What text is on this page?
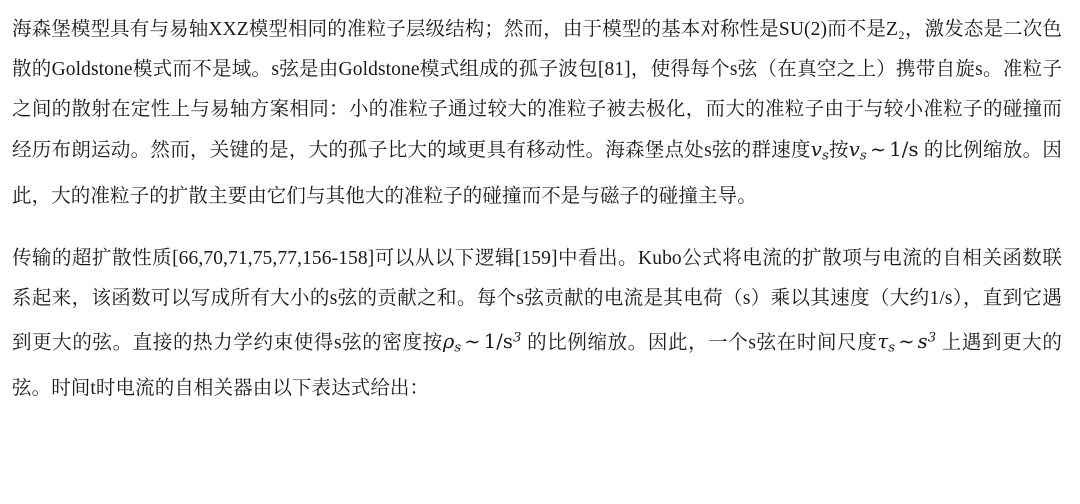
海森堡模型具有与易轴XXZ模型相同的准粒子层级结构；然而，由于模型的基本对称性是SU(2)而不是Z₂，激发态是二次色散的Goldstone模式而不是域。s弦是由Goldstone模式组成的孤子波包[81]，使得每个s弦（在真空之上）携带自旋s。准粒子之间的散射在定性上与易轴方案相同：小的准粒子通过较大的准粒子被去极化，而大的准粒子由于与较小准粒子的碰撞而经历布朗运动。然而，关键的是，大的孤子比大的域更具有移动性。海森堡点处s弦的群速度$v_s$按$v_s$ ∼ 1/s 的比例缩放。因此，大的准粒子的扩散主要由它们与其他大的准粒子的碰撞而不是与磁子的碰撞主导。

传输的超扩散性质[66,70,71,75,77,156-158]可以从以下逻辑[159]中看出。Kubo公式将电流的扩散项与电流的自相关函数联系起来，该函数可以写成所有大小的s弦的贡献之和。每个s弦贡献的电流是其电荷（s）乘以其速度（大约1/s），直到它遇到更大的弦。直接的热力学约束使得s弦的密度按$\rho_s$ ∼ $1/s^3$ 的比例缩放。因此，一个s弦在时间尺度$\tau_s$ ∼ $s^3$ 上遇到更大的弦。时间t时电流的自相关器由以下表达式给出：
